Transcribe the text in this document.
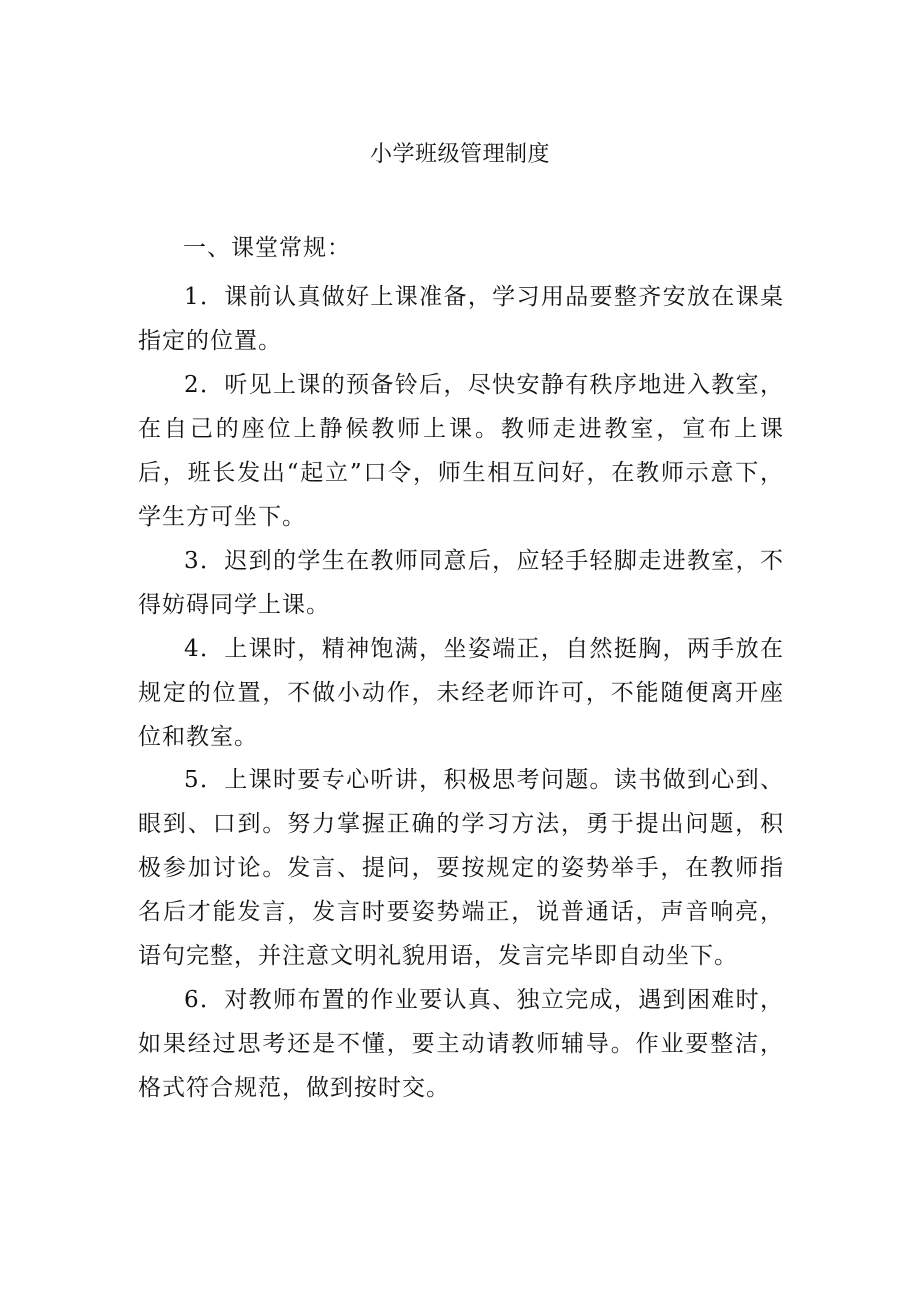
小学班级管理制度
一、课堂常规：

1．课前认真做好上课准备，学习用品要整齐安放在课桌指定的位置。

2．听见上课的预备铃后，尽快安静有秩序地进入教室，在自己的座位上静候教师上课。教师走进教室，宣布上课后，班长发出“起立”口令，师生相互问好，在教师示意下，学生方可坐下。

3．迟到的学生在教师同意后，应轻手轻脚走进教室，不得妨碍同学上课。

4．上课时，精神饱满，坐姿端正，自然挺胸，两手放在规定的位置，不做小动作，未经老师许可，不能随便离开座位和教室。

5．上课时要专心听讲，积极思考问题。读书做到心到、眼到、口到。努力掌握正确的学习方法，勇于提出问题，积极参加讨论。发言、提问，要按规定的姿势举手，在教师指名后才能发言，发言时要姿势端正，说普通话，声音响亮，语句完整，并注意文明礼貌用语，发言完毕即自动坐下。

6．对教师布置的作业要认真、独立完成，遇到困难时，如果经过思考还是不懂，要主动请教师辅导。作业要整洁，格式符合规范，做到按时交。
